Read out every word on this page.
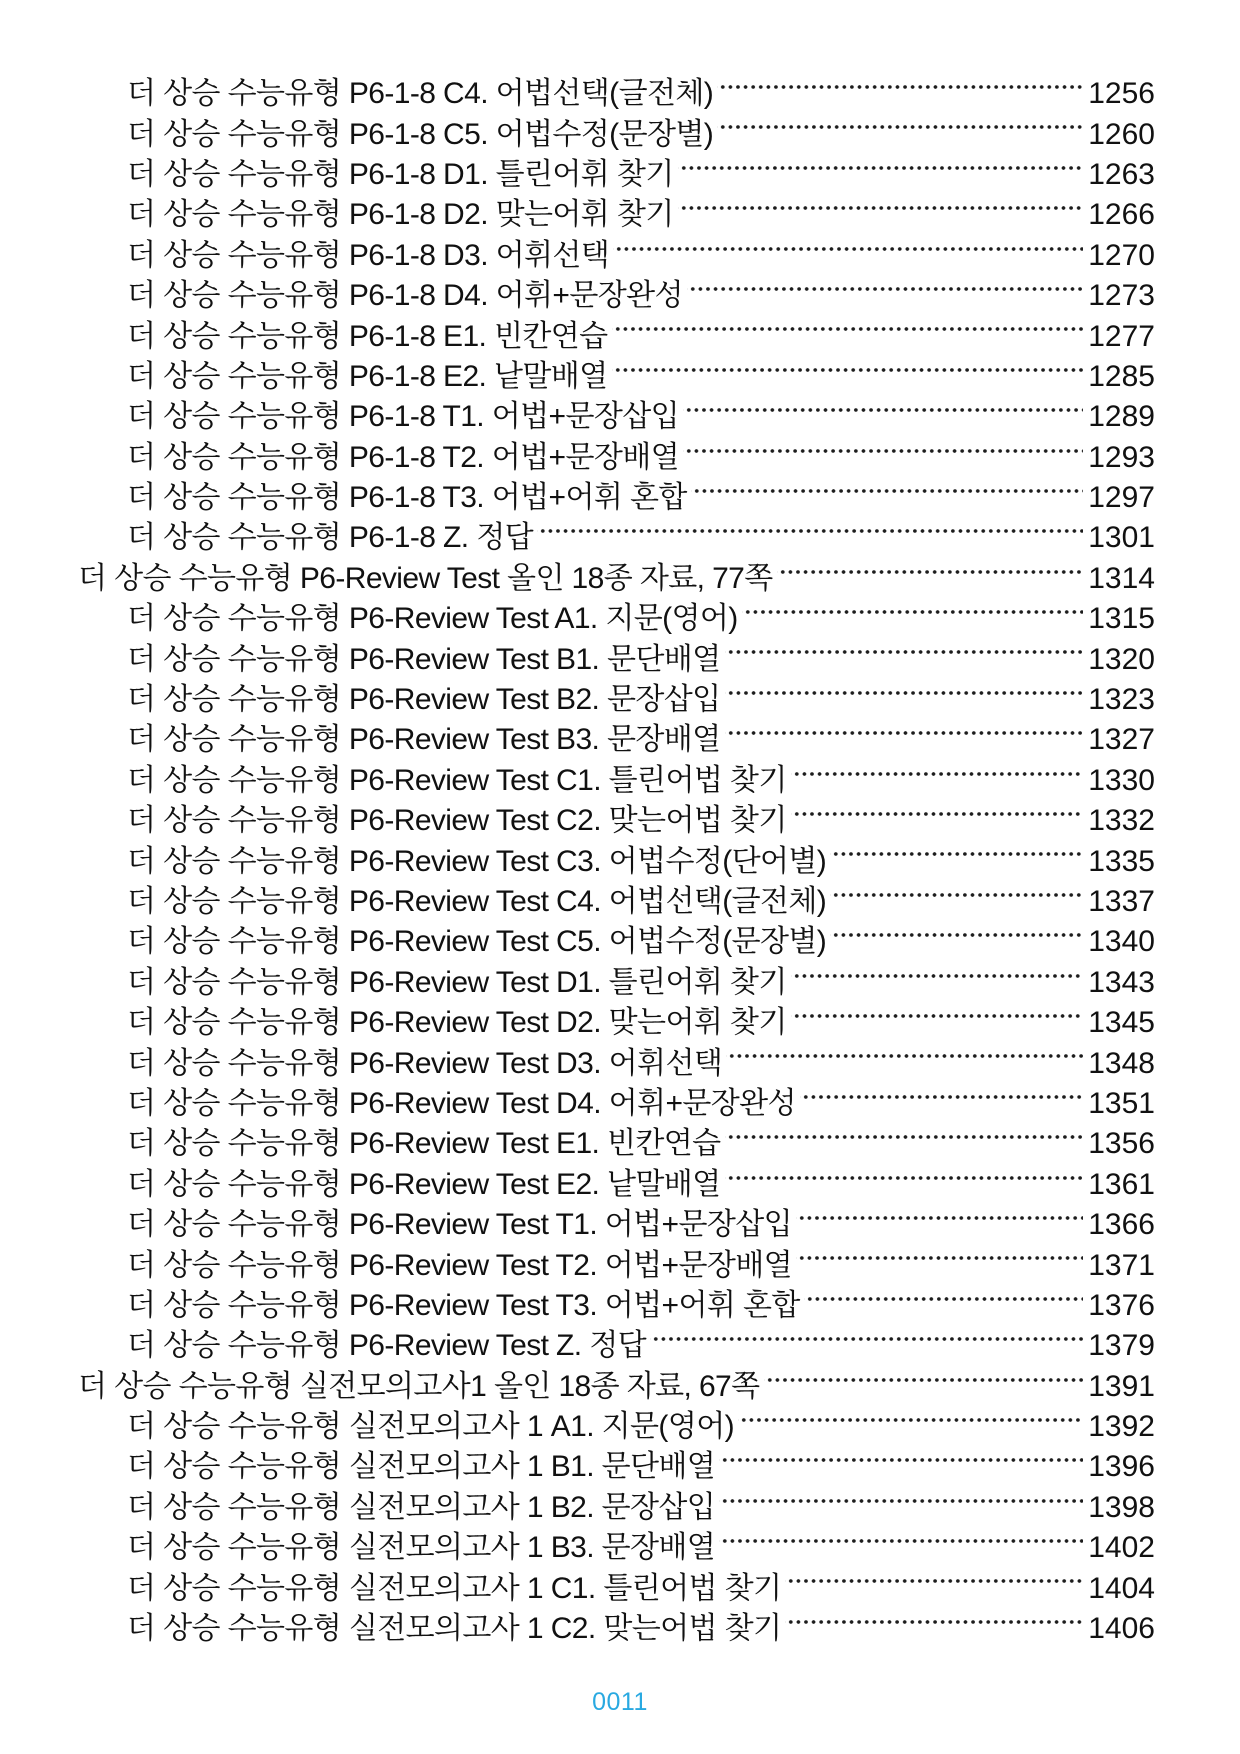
더 상승 수능유형 P6-1-8 C4. 어법선택(글전체)	1256
더 상승 수능유형 P6-1-8 C5. 어법수정(문장별)	1260
더 상승 수능유형 P6-1-8 D1. 틀린어휘 찾기	1263
더 상승 수능유형 P6-1-8 D2. 맞는어휘 찾기	1266
더 상승 수능유형 P6-1-8 D3. 어휘선택	1270
더 상승 수능유형 P6-1-8 D4. 어휘+문장완성	1273
더 상승 수능유형 P6-1-8 E1. 빈칸연습	1277
더 상승 수능유형 P6-1-8 E2. 낱말배열	1285
더 상승 수능유형 P6-1-8 T1. 어법+문장삽입	1289
더 상승 수능유형 P6-1-8 T2. 어법+문장배열	1293
더 상승 수능유형 P6-1-8 T3. 어법+어휘 혼합	1297
더 상승 수능유형 P6-1-8 Z. 정답	1301
더 상승 수능유형 P6-Review Test 올인 18종 자료, 77쪽	1314
더 상승 수능유형 P6-Review Test A1. 지문(영어)	1315
더 상승 수능유형 P6-Review Test B1. 문단배열	1320
더 상승 수능유형 P6-Review Test B2. 문장삽입	1323
더 상승 수능유형 P6-Review Test B3. 문장배열	1327
더 상승 수능유형 P6-Review Test C1. 틀린어법 찾기	1330
더 상승 수능유형 P6-Review Test C2. 맞는어법 찾기	1332
더 상승 수능유형 P6-Review Test C3. 어법수정(단어별)	1335
더 상승 수능유형 P6-Review Test C4. 어법선택(글전체)	1337
더 상승 수능유형 P6-Review Test C5. 어법수정(문장별)	1340
더 상승 수능유형 P6-Review Test D1. 틀린어휘 찾기	1343
더 상승 수능유형 P6-Review Test D2. 맞는어휘 찾기	1345
더 상승 수능유형 P6-Review Test D3. 어휘선택	1348
더 상승 수능유형 P6-Review Test D4. 어휘+문장완성	1351
더 상승 수능유형 P6-Review Test E1. 빈칸연습	1356
더 상승 수능유형 P6-Review Test E2. 낱말배열	1361
더 상승 수능유형 P6-Review Test T1. 어법+문장삽입	1366
더 상승 수능유형 P6-Review Test T2. 어법+문장배열	1371
더 상승 수능유형 P6-Review Test T3. 어법+어휘 혼합	1376
더 상승 수능유형 P6-Review Test Z. 정답	1379
더 상승 수능유형 실전모의고사1 올인 18종 자료, 67쪽	1391
더 상승 수능유형 실전모의고사 1 A1. 지문(영어)	1392
더 상승 수능유형 실전모의고사 1 B1. 문단배열	1396
더 상승 수능유형 실전모의고사 1 B2. 문장삽입	1398
더 상승 수능유형 실전모의고사 1 B3. 문장배열	1402
더 상승 수능유형 실전모의고사 1 C1. 틀린어법 찾기	1404
더 상승 수능유형 실전모의고사 1 C2. 맞는어법 찾기	1406
0011
